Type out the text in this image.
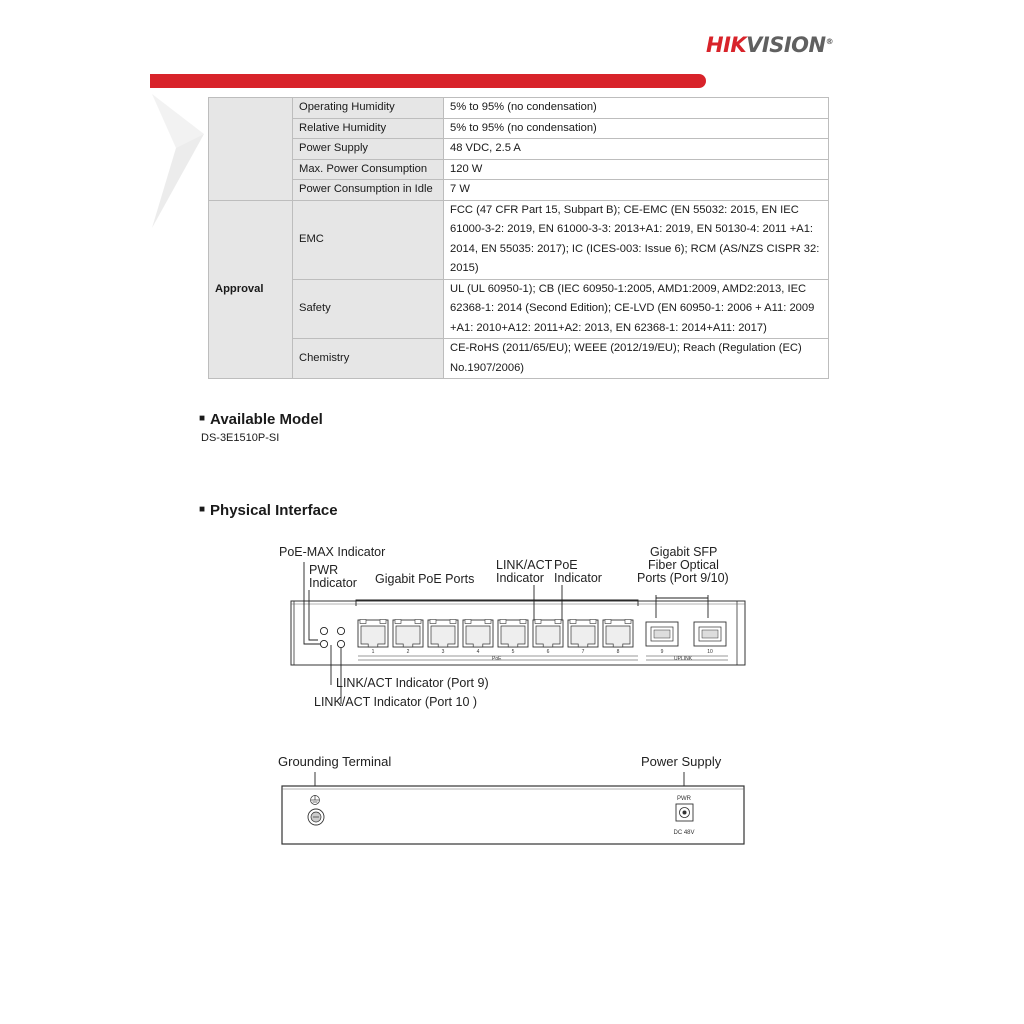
HIKVISION®
	Operating Humidity	5% to 95% (no condensation)
	Relative Humidity	5% to 95% (no condensation)
	Power Supply	48 VDC, 2.5 A
	Max. Power Consumption	120 W
	Power Consumption in Idle	7 W
Approval	EMC	FCC (47 CFR Part 15, Subpart B); CE-EMC (EN 55032: 2015, EN IEC 61000-3-2: 2019, EN 61000-3-3: 2013+A1: 2019, EN 50130-4: 2011 +A1: 2014, EN 55035: 2017); IC (ICES-003: Issue 6); RCM (AS/NZS CISPR 32: 2015)
	Safety	UL (UL 60950-1); CB (IEC 60950-1:2005, AMD1:2009, AMD2:2013, IEC 62368-1: 2014 (Second Edition); CE-LVD (EN 60950-1: 2006 + A11: 2009 +A1: 2010+A12: 2011+A2: 2013, EN 62368-1: 2014+A11: 2017)
	Chemistry	CE-RoHS (2011/65/EU); WEEE (2012/19/EU); Reach (Regulation (EC) No.1907/2006)
■ Available Model
DS-3E1510P-SI
■ Physical Interface
PoE-MAX Indicator
PWR
Indicator Gigabit PoE Ports
LINK/ACT
Indicator
PoE
Indicator
Gigabit SFP
Fiber Optical
Ports (Port 9/10)
LINK/ACT Indicator (Port 9)
LINK/ACT Indicator (Port 10 )
1	2	3	4	5	6	7	8
PoE
9	10
UPLINK
Grounding Terminal	Power Supply
PWR
DC 48V
